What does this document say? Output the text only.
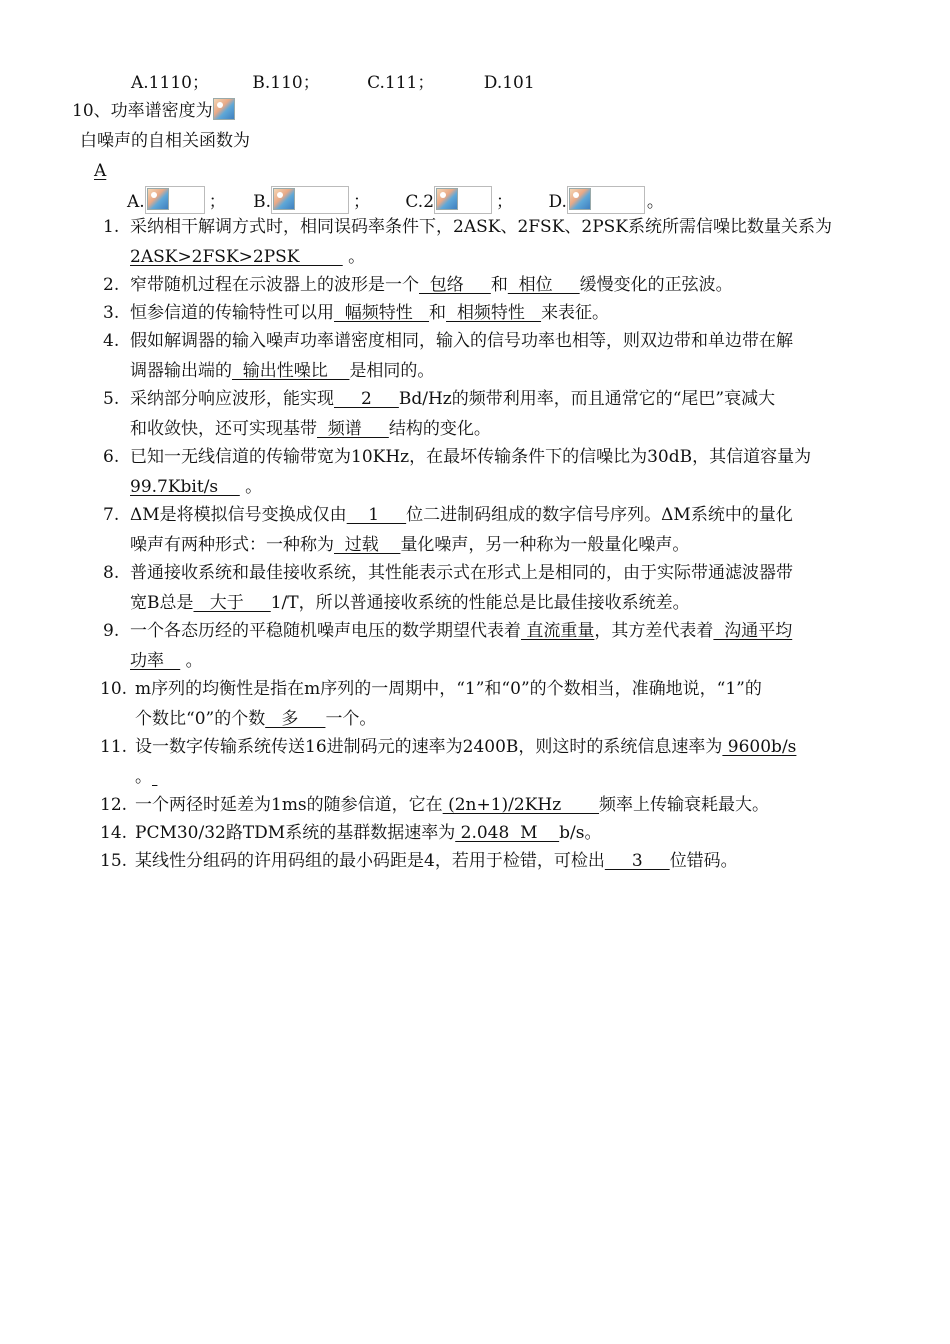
A.1110；	B.110；	C.111；	D.101
10、功率谱密度为
白噪声的自相关函数为
A
A.	； B.	； C.2	； D.	。
1. 采纳相干解调方式时，相同误码率条件下，2ASK、2FSK、2PSK系统所需信噪比数量关系为
2ASK>2FSK>2PSK         。
2. 窄带随机过程在示波器上的波形是一个  包络     和  相位     缓慢变化的正弦波。
3. 恒参信道的传输特性可以用  幅频特性   和  相频特性   来表征。
4. 假如解调器的输入噪声功率谱密度相同，输入的信号功率也相等，则双边带和单边带在解
调器输出端的  输出性噪比    是相同的。
5. 采纳部分响应波形，能实现     2     Bd/Hz的频带利用率，而且通常它的“尾巴”衰减大
和收敛快，还可实现基带  频谱     结构的变化。
6. 已知一无线信道的传输带宽为10KHz，在最坏传输条件下的信噪比为30dB，其信道容量为
99.7Kbit/s     。
7. ΔM是将模拟信号变换成仅由    1     位二进制码组成的数字信号序列。ΔM系统中的量化
噪声有两种形式：一种称为  过载    量化噪声，另一种称为一般量化噪声。
8. 普通接收系统和最佳接收系统，其性能表示式在形式上是相同的，由于实际带通滤波器带
宽B总是   大于     1/T，所以普通接收系统的性能总是比最佳接收系统差。
9. 一个各态历经的平稳随机噪声电压的数学期望代表着 直流重量，其方差代表着  沟通平均
功率    。
10. m序列的均衡性是指在m序列的一周期中，“1”和“0”的个数相当，准确地说，“1”的
个数比“0”的个数   多     一个。
11. 设一数字传输系统传送16进制码元的速率为2400B，则这时的系统信息速率为 9600b/s
。
12. 一个两径时延差为1ms的随参信道，它在 (2n+1)/2KHz       频率上传输衰耗最大。
14. PCM30/32路TDM系统的基群数据速率为 2.048  M    b/s。
15. 某线性分组码的许用码组的最小码距是4，若用于检错，可检出     3     位错码。
